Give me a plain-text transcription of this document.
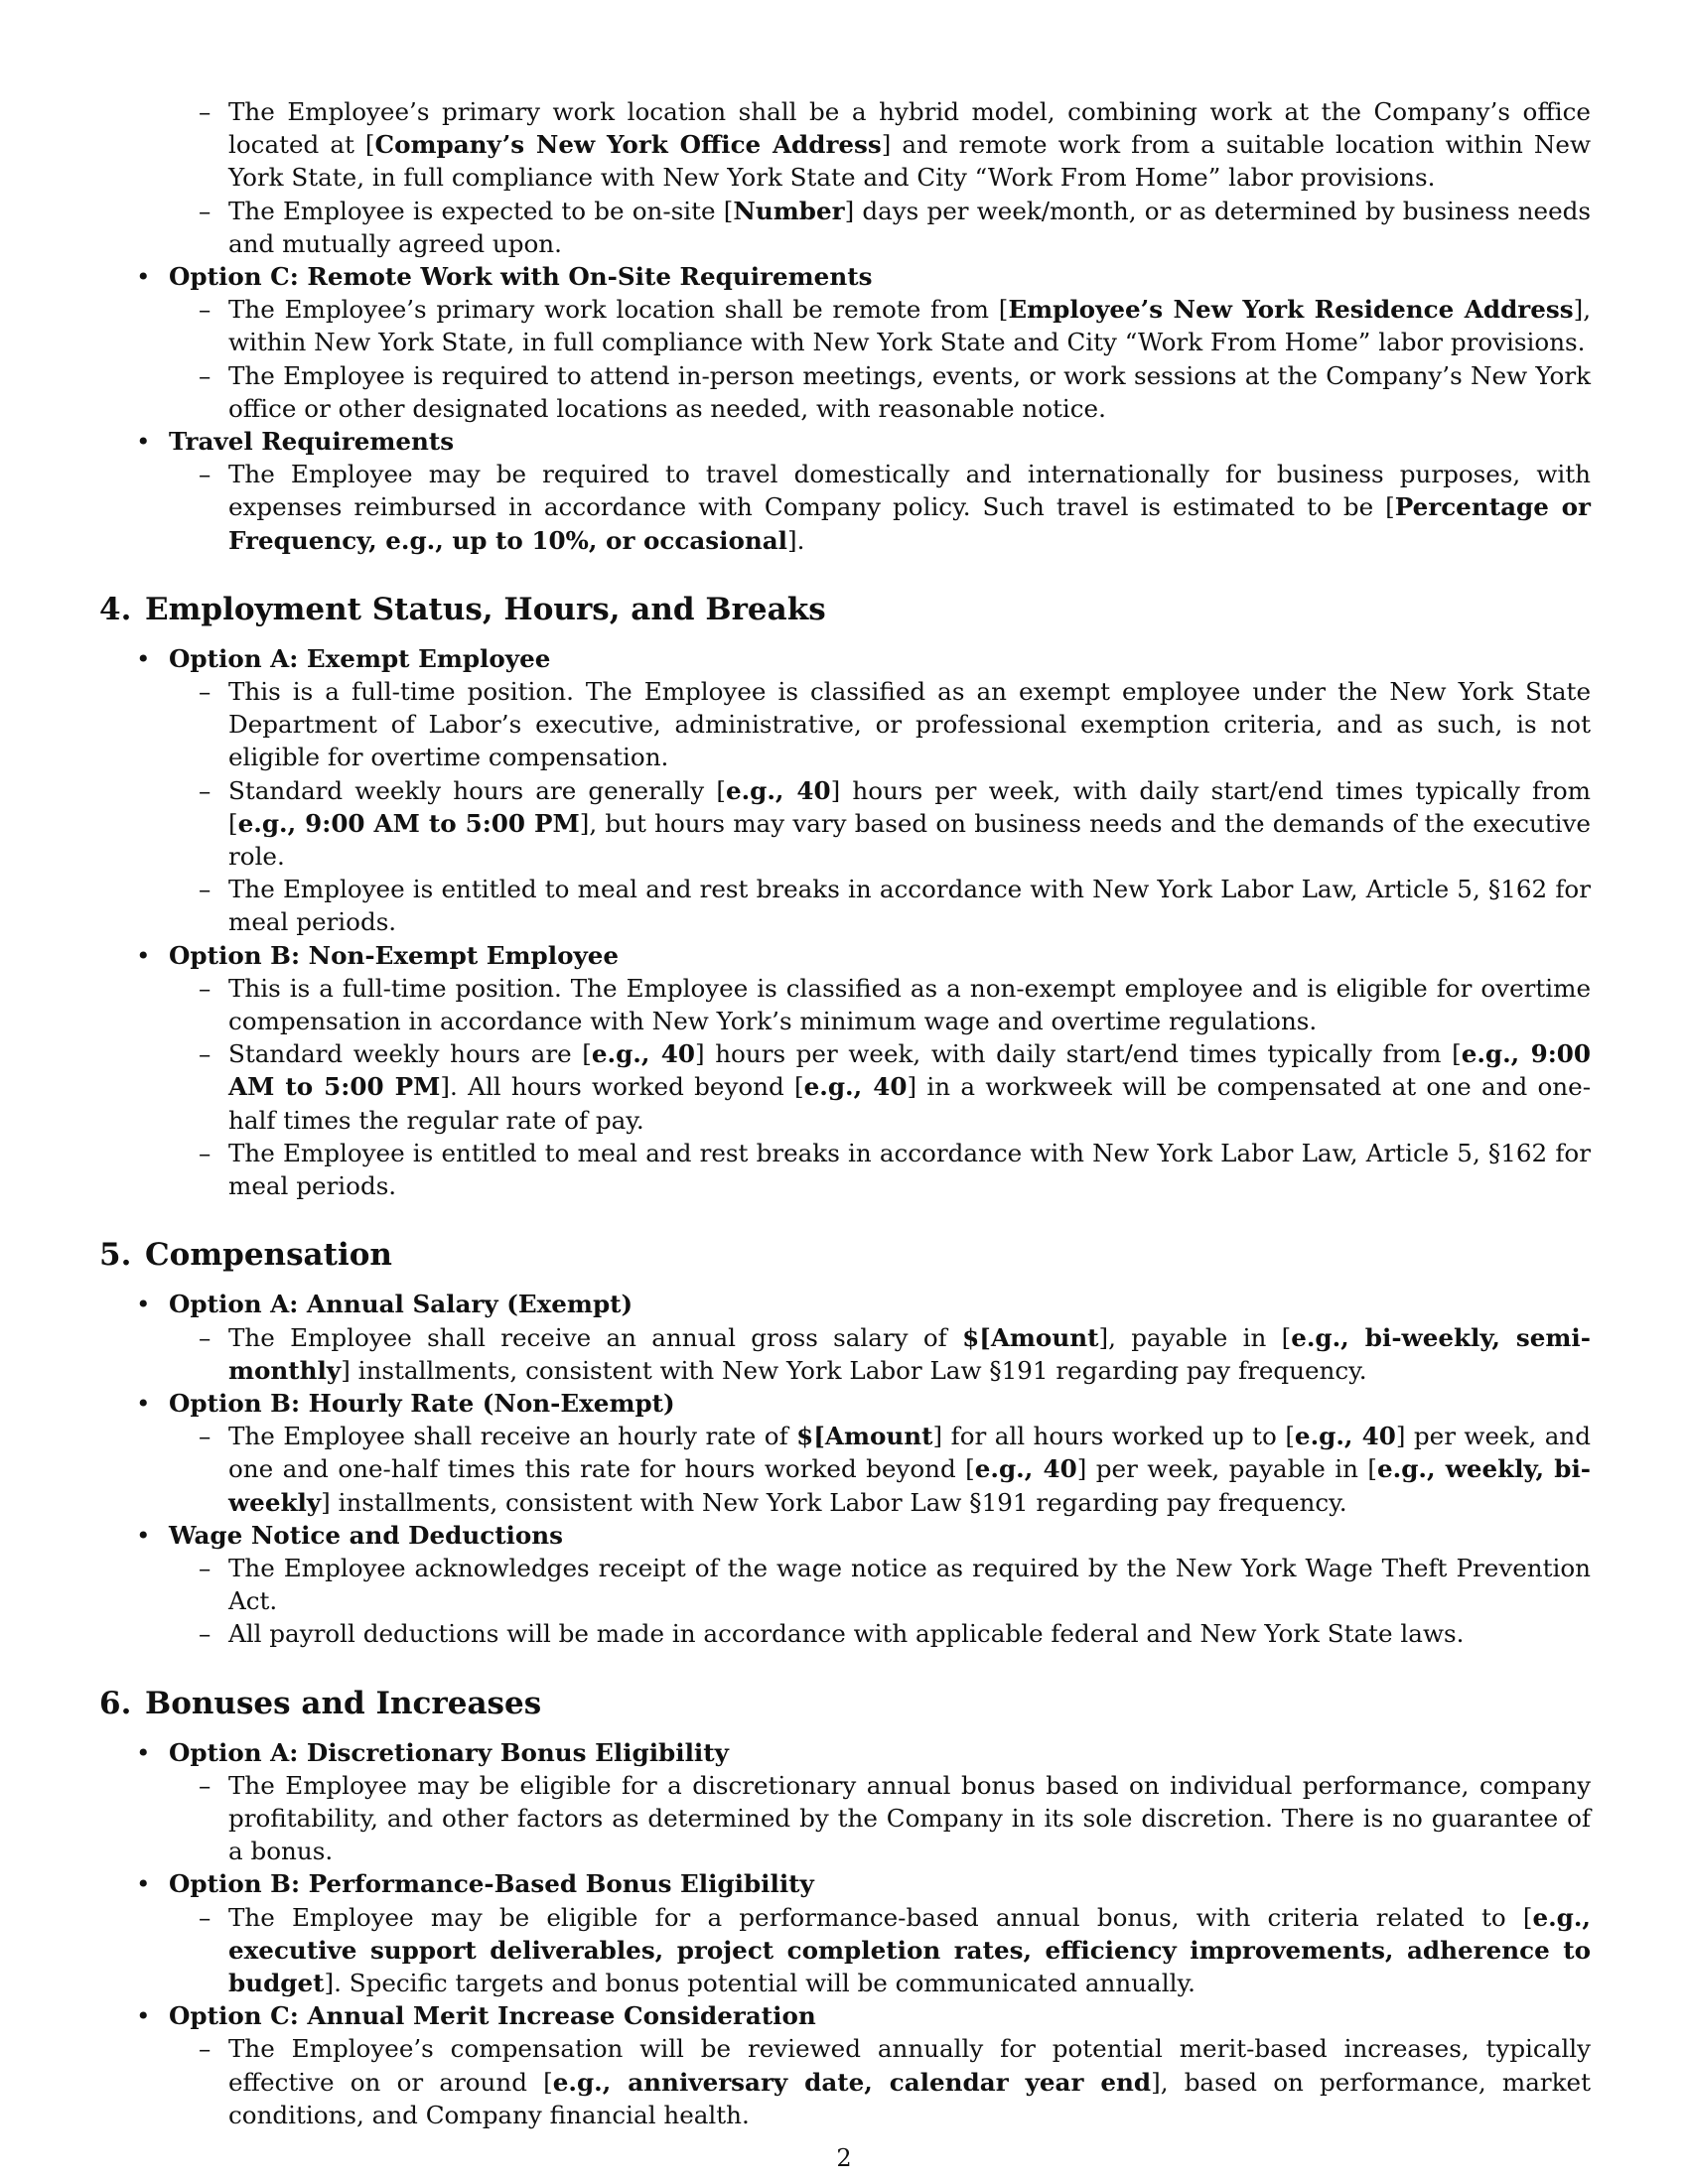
– The Employee’s primary work location shall be a hybrid model, combining work at the Company’s office located at [Company’s New York Office Address] and remote work from a suitable location within New York State, in full compliance with New York State and City “Work From Home” labor provisions.
– The Employee is expected to be on-site [Number] days per week/month, or as determined by business needs and mutually agreed upon.
• Option C: Remote Work with On-Site Requirements
– The Employee’s primary work location shall be remote from [Employee’s New York Residence Address], within New York State, in full compliance with New York State and City “Work From Home” labor provisions.
– The Employee is required to attend in-person meetings, events, or work sessions at the Company’s New York office or other designated locations as needed, with reasonable notice.
• Travel Requirements
– The Employee may be required to travel domestically and internationally for business purposes, with expenses reimbursed in accordance with Company policy. Such travel is estimated to be [Percentage or Frequency, e.g., up to 10%, or occasional].
4. Employment Status, Hours, and Breaks
• Option A: Exempt Employee
– This is a full-time position. The Employee is classified as an exempt employee under the New York State Department of Labor’s executive, administrative, or professional exemption criteria, and as such, is not eligible for overtime compensation.
– Standard weekly hours are generally [e.g., 40] hours per week, with daily start/end times typically from [e.g., 9:00 AM to 5:00 PM], but hours may vary based on business needs and the demands of the executive role.
– The Employee is entitled to meal and rest breaks in accordance with New York Labor Law, Article 5, §162 for meal periods.
• Option B: Non-Exempt Employee
– This is a full-time position. The Employee is classified as a non-exempt employee and is eligible for overtime compensation in accordance with New York’s minimum wage and overtime regulations.
– Standard weekly hours are [e.g., 40] hours per week, with daily start/end times typically from [e.g., 9:00 AM to 5:00 PM]. All hours worked beyond [e.g., 40] in a workweek will be compensated at one and one-half times the regular rate of pay.
– The Employee is entitled to meal and rest breaks in accordance with New York Labor Law, Article 5, §162 for meal periods.
5. Compensation
• Option A: Annual Salary (Exempt)
– The Employee shall receive an annual gross salary of $[Amount], payable in [e.g., bi-weekly, semi-monthly] installments, consistent with New York Labor Law §191 regarding pay frequency.
• Option B: Hourly Rate (Non-Exempt)
– The Employee shall receive an hourly rate of $[Amount] for all hours worked up to [e.g., 40] per week, and one and one-half times this rate for hours worked beyond [e.g., 40] per week, payable in [e.g., weekly, bi-weekly] installments, consistent with New York Labor Law §191 regarding pay frequency.
• Wage Notice and Deductions
– The Employee acknowledges receipt of the wage notice as required by the New York Wage Theft Prevention Act.
– All payroll deductions will be made in accordance with applicable federal and New York State laws.
6. Bonuses and Increases
• Option A: Discretionary Bonus Eligibility
– The Employee may be eligible for a discretionary annual bonus based on individual performance, company profitability, and other factors as determined by the Company in its sole discretion. There is no guarantee of a bonus.
• Option B: Performance-Based Bonus Eligibility
– The Employee may be eligible for a performance-based annual bonus, with criteria related to [e.g., executive support deliverables, project completion rates, efficiency improvements, adherence to budget]. Specific targets and bonus potential will be communicated annually.
• Option C: Annual Merit Increase Consideration
– The Employee’s compensation will be reviewed annually for potential merit-based increases, typically effective on or around [e.g., anniversary date, calendar year end], based on performance, market conditions, and Company financial health.
2
